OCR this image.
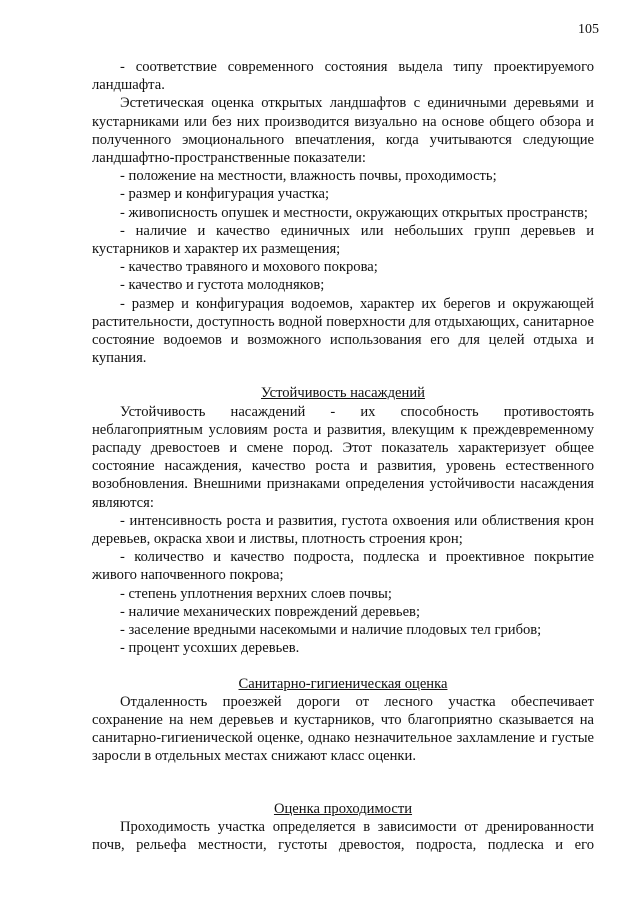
105

- соответствие современного состояния выдела типу проектируемого ландшафта.

Эстетическая оценка открытых ландшафтов с единичными деревьями и кустарниками или без них производится визуально на основе общего обзора и полученного эмоционального впечатления, когда учитываются следующие ландшафтно-пространственные показатели:

- положение на местности, влажность почвы, проходимость;

- размер и конфигурация участка;

- живописность опушек и местности, окружающих открытых пространств;

- наличие и качество единичных или небольших групп деревьев и кустарников и характер их размещения;

- качество травяного и мохового покрова;

- качество и густота молодняков;

- размер и конфигурация водоемов, характер их берегов и окружающей растительности, доступность водной поверхности для отдыхающих, санитарное состояние водоемов и возможного использования его для целей отдыха и купания.

Устойчивость насаждений

Устойчивость насаждений - их способность противостоять неблагоприятным условиям роста и развития, влекущим к преждевременному распаду древостоев и смене пород. Этот показатель характеризует общее состояние насаждения, качество роста и развития, уровень естественного возобновления. Внешними признаками определения устойчивости насаждения являются:

- интенсивность роста и развития, густота охвоения или облиствения крон деревьев, окраска хвои и листвы, плотность строения крон;

- количество и качество подроста, подлеска и проективное покрытие живого напочвенного покрова;

- степень уплотнения верхних слоев почвы;

- наличие механических повреждений деревьев;

- заселение вредными насекомыми и наличие плодовых тел грибов;

- процент усохших деревьев.

Санитарно-гигиеническая оценка

Отдаленность проезжей дороги от лесного участка обеспечивает сохранение на нем деревьев и кустарников, что благоприятно сказывается на санитарно-гигиенической оценке, однако незначительное захламление и густые заросли в отдельных местах снижают класс оценки.

Оценка проходимости

Проходимость участка определяется в зависимости от дренированности почв, рельефа местности, густоты древостоя, подроста, подлеска и его
